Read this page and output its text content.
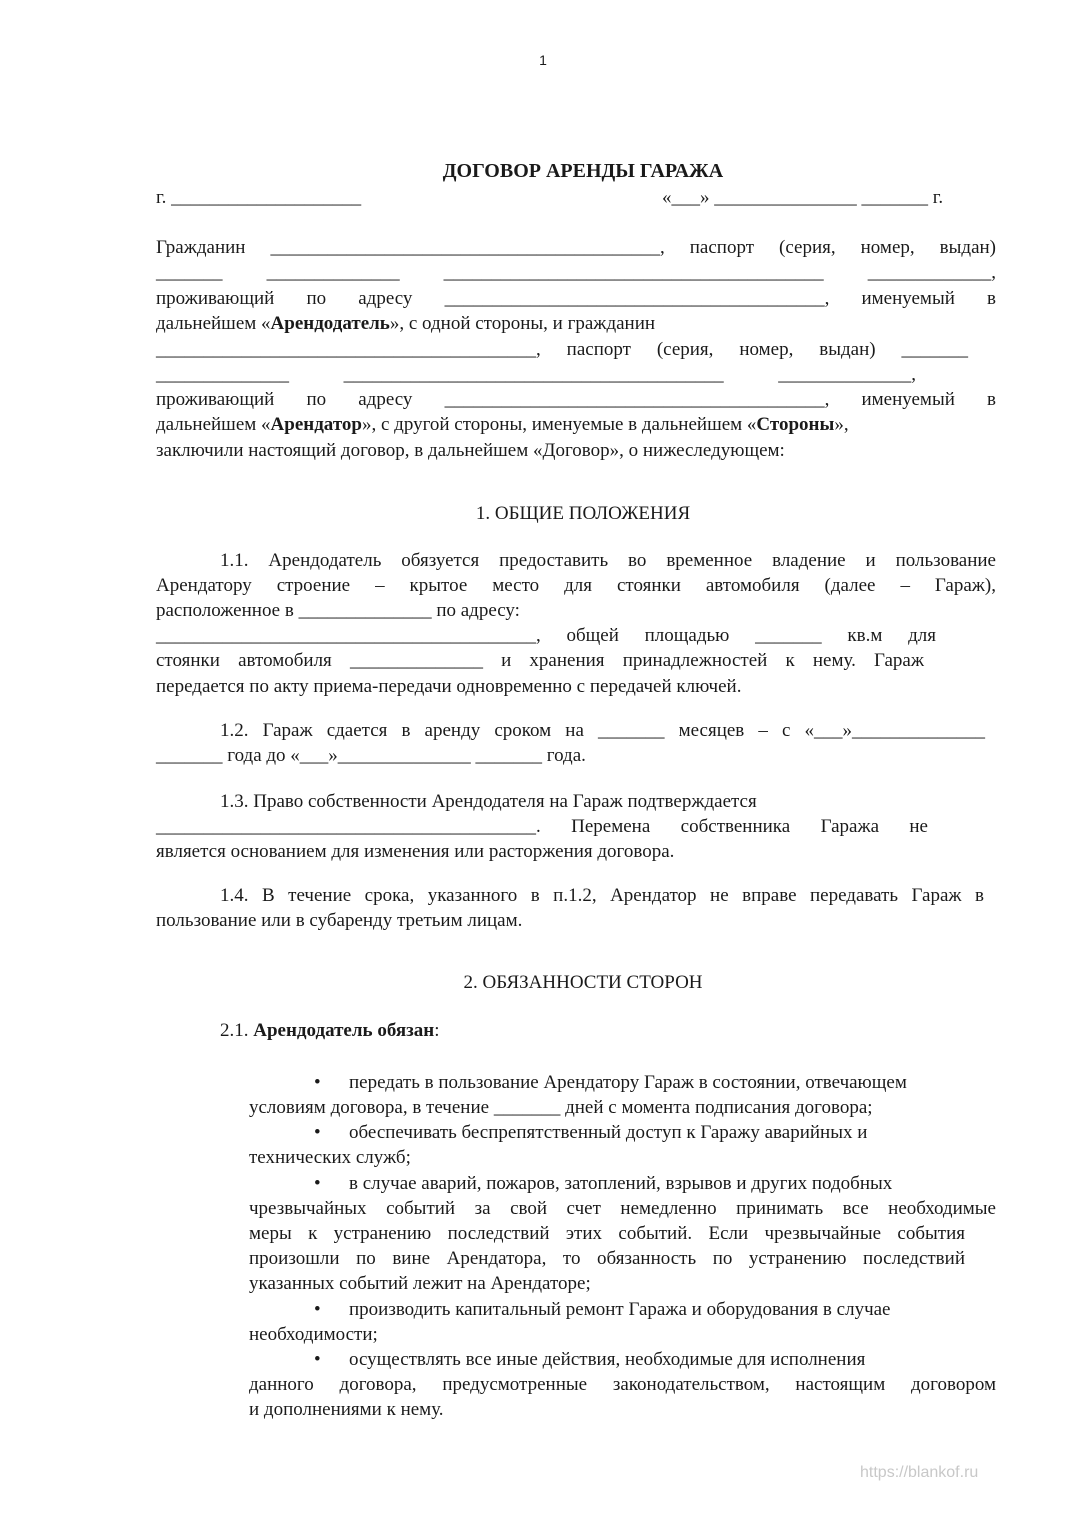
1
ДОГОВОР АРЕНДЫ ГАРАЖА
г. ____________________	«___» _______________ _______ г.
Гражданин _________________________________________, паспорт (серия, номер, выдан)
_______ ______________ ________________________________________ _____________,
проживающий по адресу ________________________________________, именуемый в
дальнейшем «Арендодатель», с одной стороны, и гражданин
________________________________________, паспорт (серия, номер, выдан) _______
______________ ________________________________________ ______________,
проживающий по адресу ________________________________________, именуемый в
дальнейшем «Арендатор», с другой стороны, именуемые в дальнейшем «Стороны»,
заключили настоящий договор, в дальнейшем «Договор», о нижеследующем:
1. ОБЩИЕ ПОЛОЖЕНИЯ
1.1. Арендодатель обязуется предоставить во временное владение и пользование
Арендатору строение – крытое место для стоянки автомобиля (далее – Гараж),
расположенное в ______________ по адресу:
________________________________________, общей площадью _______ кв.м для
стоянки автомобиля ______________ и хранения принадлежностей к нему. Гараж
передается по акту приема-передачи одновременно с передачей ключей.
1.2. Гараж сдается в аренду сроком на _______ месяцев – с «___»______________
_______ года до «___»______________ _______ года.
1.3. Право собственности Арендодателя на Гараж подтверждается
________________________________________. Перемена собственника Гаража не
является основанием для изменения или расторжения договора.
1.4. В течение срока, указанного в п.1.2, Арендатор не вправе передавать Гараж в
пользование или в субаренду третьим лицам.
2. ОБЯЗАННОСТИ СТОРОН
2.1. Арендодатель обязан:
• передать в пользование Арендатору Гараж в состоянии, отвечающем
условиям договора, в течение _______ дней с момента подписания договора;
• обеспечивать беспрепятственный доступ к Гаражу аварийных и
технических служб;
• в случае аварий, пожаров, затоплений, взрывов и других подобных
чрезвычайных событий за свой счет немедленно принимать все необходимые
меры к устранению последствий этих событий. Если чрезвычайные события
произошли по вине Арендатора, то обязанность по устранению последствий
указанных событий лежит на Арендаторе;
• производить капитальный ремонт Гаража и оборудования в случае
необходимости;
• осуществлять все иные действия, необходимые для исполнения
данного договора, предусмотренные законодательством, настоящим договором
и дополнениями к нему.
https://blankof.ru
